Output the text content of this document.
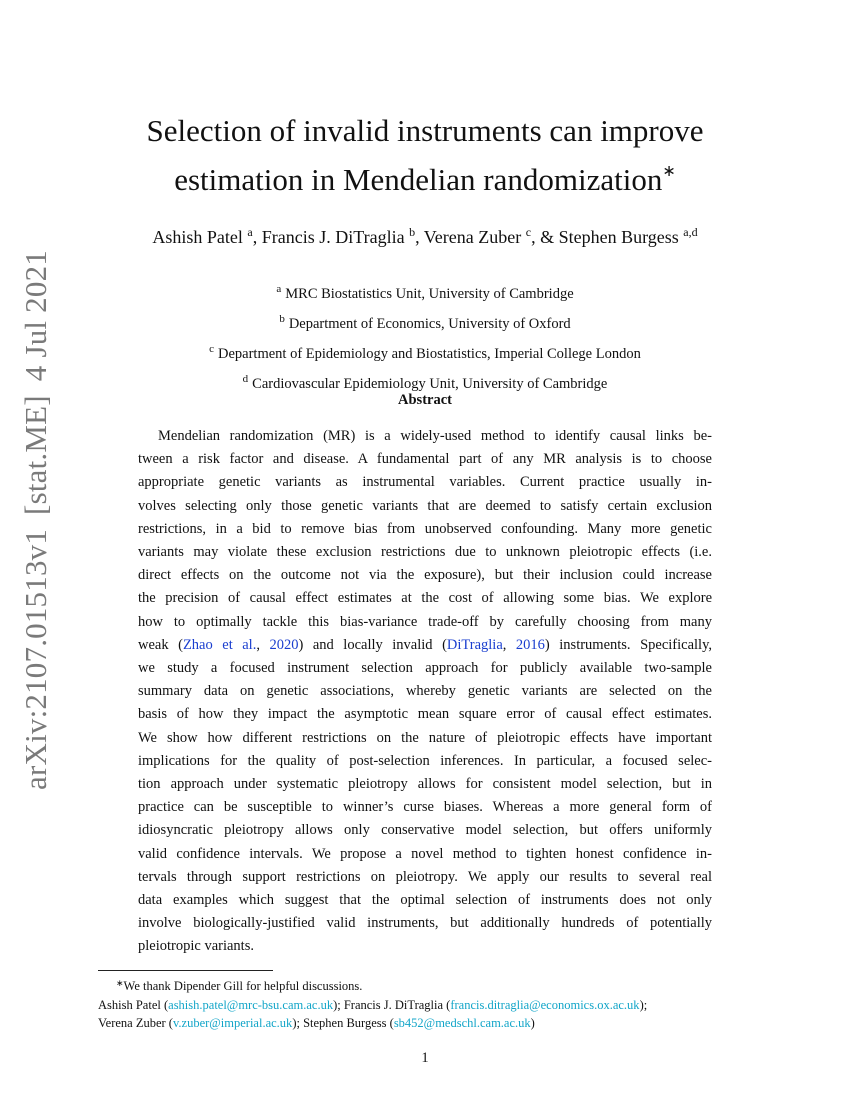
arXiv:2107.01513v1[stat.ME]4 Jul 2021
Selection of invalid instruments can improve
estimation in Mendelian randomization∗
Ashish Patel $^a$, Francis J. DiTraglia $^b$, Verena Zuber $^c$, & Stephen Burgess $^{a,d}$
$^a$ MRC Biostatistics Unit, University of Cambridge
$^b$ Department of Economics, University of Oxford
$^c$ Department of Epidemiology and Biostatistics, Imperial College London
$^d$ Cardiovascular Epidemiology Unit, University of Cambridge
Abstract
Mendelian randomization (MR) is a widely-used method to identify causal links be-
tween a risk factor and disease. A fundamental part of any MR analysis is to choose
appropriate genetic variants as instrumental variables. Current practice usually in-
volves selecting only those genetic variants that are deemed to satisfy certain exclusion
restrictions, in a bid to remove bias from unobserved confounding. Many more genetic
variants may violate these exclusion restrictions due to unknown pleiotropic effects (i.e.
direct effects on the outcome not via the exposure), but their inclusion could increase
the precision of causal effect estimates at the cost of allowing some bias. We explore
how to optimally tackle this bias-variance trade-off by carefully choosing from many
weak (Zhao et al., 2020) and locally invalid (DiTraglia, 2016) instruments. Specifically,
we study a focused instrument selection approach for publicly available two-sample
summary data on genetic associations, whereby genetic variants are selected on the
basis of how they impact the asymptotic mean square error of causal effect estimates.
We show how different restrictions on the nature of pleiotropic effects have important
implications for the quality of post-selection inferences. In particular, a focused selec-
tion approach under systematic pleiotropy allows for consistent model selection, but in
practice can be susceptible to winner’s curse biases. Whereas a more general form of
idiosyncratic pleiotropy allows only conservative model selection, but offers uniformly
valid confidence intervals. We propose a novel method to tighten honest confidence in-
tervals through support restrictions on pleiotropy. We apply our results to several real
data examples which suggest that the optimal selection of instruments does not only
involve biologically-justified valid instruments, but additionally hundreds of potentially
pleiotropic variants.
∗We thank Dipender Gill for helpful discussions.
Ashish Patel (ashish.patel@mrc-bsu.cam.ac.uk); Francis J. DiTraglia (francis.ditraglia@economics.ox.ac.uk);
Verena Zuber (v.zuber@imperial.ac.uk); Stephen Burgess (sb452@medschl.cam.ac.uk)
1
